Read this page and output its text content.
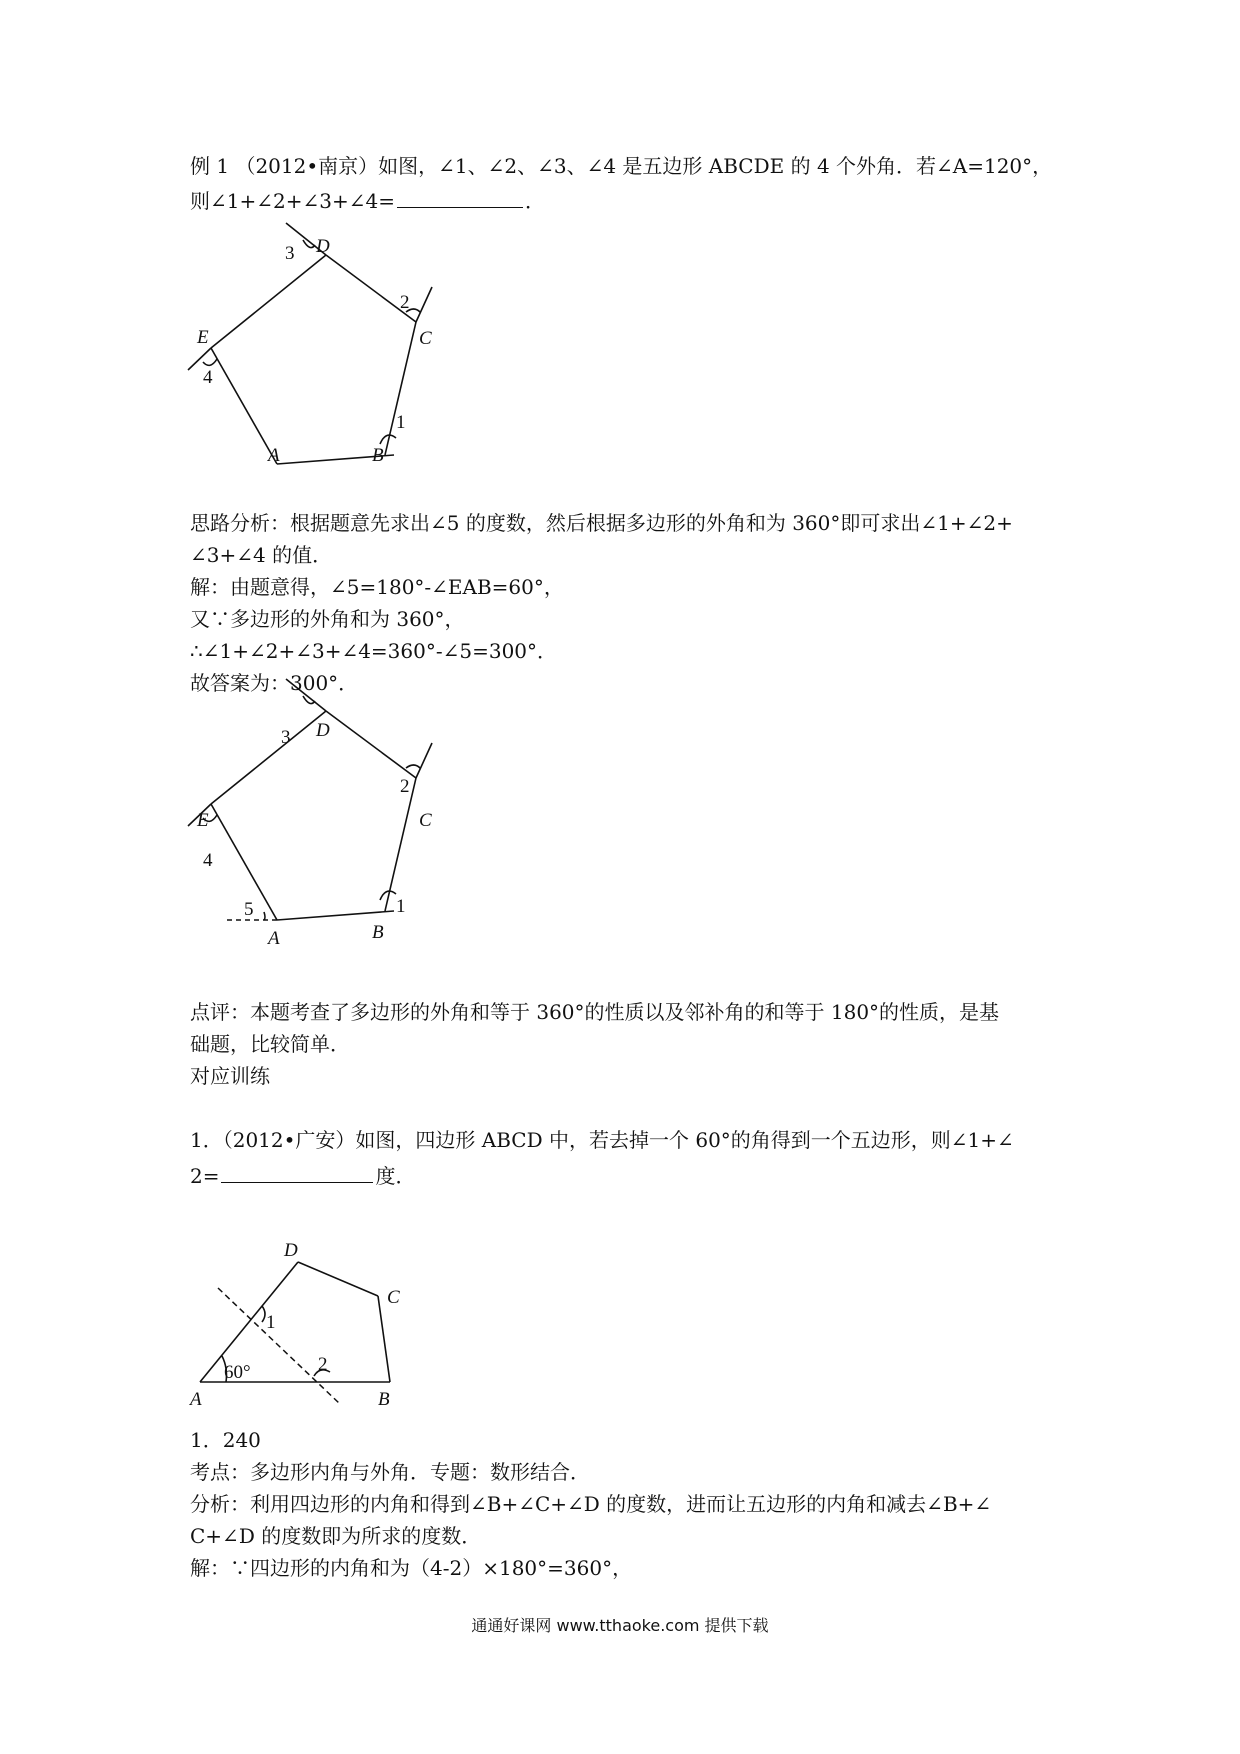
例 1 （2012•南京）如图，∠1、∠2、∠3、∠4 是五边形 ABCDE 的 4 个外角．若∠A=120°，
则∠1+∠2+∠3+∠4=	．
D
C
E
A	B
1
2
3
4
思路分析：根据题意先求出∠5 的度数，然后根据多边形的外角和为 360°即可求出∠1+∠2+
∠3+∠4 的值．
解：由题意得，∠5=180°-∠EAB=60°，
又∵多边形的外角和为 360°，
∴∠1+∠2+∠3+∠4=360°-∠5=300°．
故答案为：300°．
D
C
E
A	B
1
2
3
4
5
点评：本题考查了多边形的外角和等于 360°的性质以及邻补角的和等于 180°的性质，是基
础题，比较简单．
对应训练
1．（2012•广安）如图，四边形 ABCD 中，若去掉一个 60°的角得到一个五边形，则∠1+∠
2=	度．
D
C
A	B
1
2
60°
1．240
考点：多边形内角与外角．专题：数形结合．
分析：利用四边形的内角和得到∠B+∠C+∠D 的度数，进而让五边形的内角和减去∠B+∠
C+∠D 的度数即为所求的度数．
解：∵四边形的内角和为（4-2）×180°=360°，
通通好课网 www.tthaoke.com 提供下载
